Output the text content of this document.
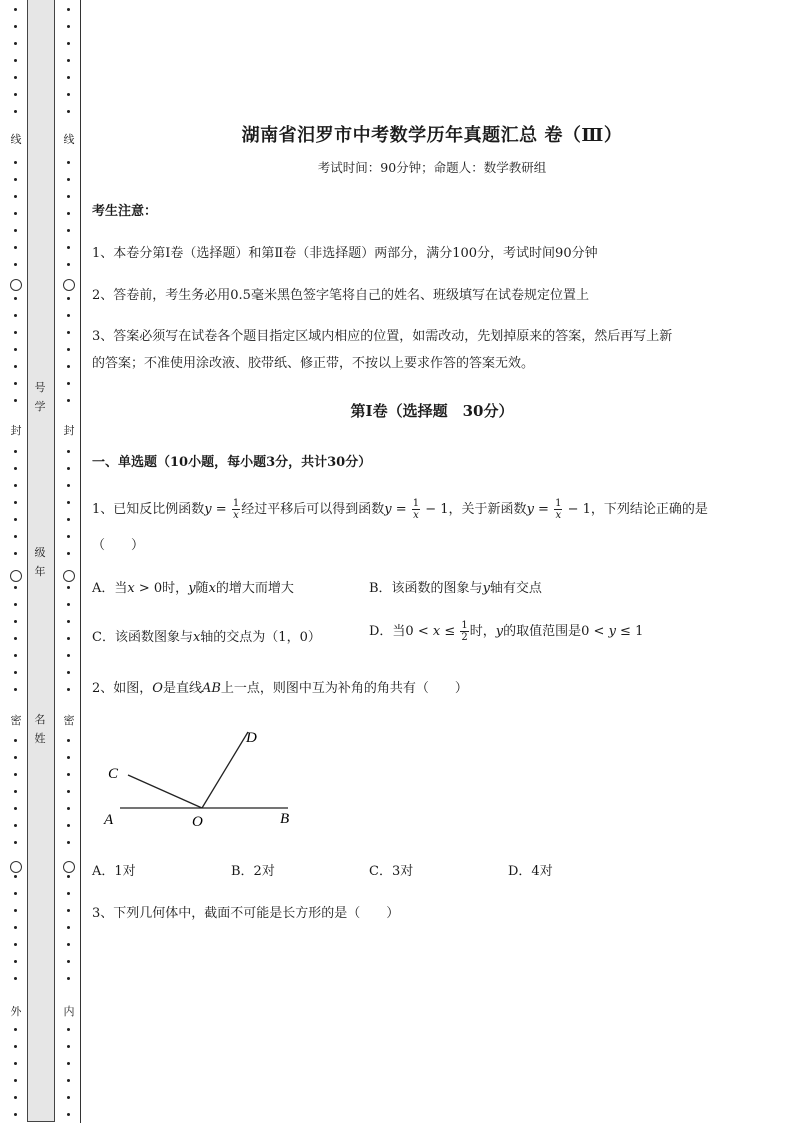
线
封
密
外
线
封
密
内
号学
级年
名姓
湖南省汨罗市中考数学历年真题汇总 卷（Ⅲ）
考试时间：90分钟；命题人：数学教研组
考生注意：
1、本卷分第I卷（选择题）和第Ⅱ卷（非选择题）两部分，满分100分，考试时间90分钟
2、答卷前，考生务必用0.5毫米黑色签字笔将自己的姓名、班级填写在试卷规定位置上
3、答案必须写在试卷各个题目指定区域内相应的位置，如需改动，先划掉原来的答案，然后再写上新
的答案；不准使用涂改液、胶带纸、修正带，不按以上要求作答的答案无效。
第I卷（选择题　30分）
一、单选题（10小题，每小题3分，共计30分）
1、已知反比例函数$y = \frac{1}{x}$ 经过平移后可以得到函数$y = \frac{1}{x} - 1$，关于新函数$y = \frac{1}{x} - 1$，下列结论正确的是
（　　）
A．当x > 0时，y随x的增大而增大	B．该函数的图象与y轴有交点
C．该函数图象与x轴的交点为（1，0）	D．当$0 < x \le \frac{1}{2}$ 时，y的取值范围是0 < y ≤ 1
2、如图，O是直线AB上一点，则图中互为补角的角共有（　　）
A	B
C
D
O
A．1对	B．2对	C．3对	D．4对
3、下列几何体中，截面不可能是长方形的是（　　）
